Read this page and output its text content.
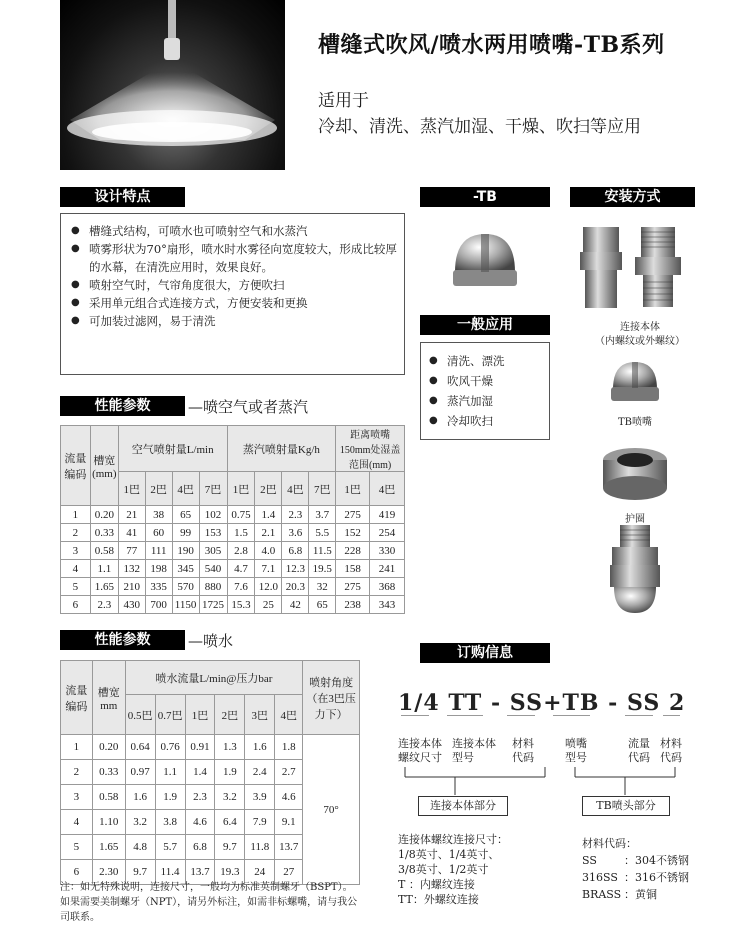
槽缝式吹风/喷水两用喷嘴-TB系列
适用于
冷却、清洗、蒸汽加湿、干燥、吹扫等应用
设计特点
● 槽缝式结构，可喷水也可喷射空气和水蒸汽
● 喷雾形状为70°扇形，喷水时水雾径向宽度较大，形成比较厚的水幕，在清洗应用时，效果良好。
● 喷射空气时，气帘角度很大，方便吹扫
● 采用单元组合式连接方式，方便安装和更换
● 可加装过滤网，易于清洗
-TB	安装方式
连接本体
（内螺纹或外螺纹）
TB喷嘴
护圈
一般应用
● 清洗、漂洗
● 吹风干燥
● 蒸汽加湿
● 冷却吹扫
性能参数	—喷空气或者蒸汽
流量编码	槽宽(mm)	空气喷射量L/min				蒸汽喷射量Kg/h				距离喷嘴150mm处湿盖范围(mm)	
		1巴	2巴	4巴	7巴	1巴	2巴	4巴	7巴	1巴	4巴
1	0.20	21	38	65	102	0.75	1.4	2.3	3.7	275	419
2	0.33	41	60	99	153	1.5	2.1	3.6	5.5	152	254
3	0.58	77	111	190	305	2.8	4.0	6.8	11.5	228	330
4	1.1	132	198	345	540	4.7	7.1	12.3	19.5	158	241
5	1.65	210	335	570	880	7.6	12.0	20.3	32	275	368
6	2.3	430	700	1150	1725	15.3	25	42	65	238	343
性能参数	—喷水
流量编码	槽宽mm	喷水流量L/min@压力bar						喷射角度（在3巴压力下）
		0.5巴	0.7巴	1巴	2巴	3巴	4巴	
1	0.20	0.64	0.76	0.91	1.3	1.6	1.8	70°
2	0.33	0.97	1.1	1.4	1.9	2.4	2.7	
3	0.58	1.6	1.9	2.3	3.2	3.9	4.6	
4	1.10	3.2	3.8	4.6	6.4	7.9	9.1	
5	1.65	4.8	5.7	6.8	9.7	11.8	13.7	
6	2.30	9.7	11.4	13.7	19.3	24	27	
注：如无特殊说明，连接尺寸，一般均为标准英制螺牙（BSPT）。如果需要美制螺牙（NPT），请另外标注，如需非标螺嘴，请与我公司联系。
订购信息
1/4 TT - SS+TB - SS 2
连接本体螺纹尺寸
连接本体型号
材料代码
喷嘴型号
流量代码
材料代码
连接本体部分	TB喷头部分
连接体螺纹连接尺寸：
1/8英寸、1/4英寸、
3/8英寸、1/2英寸
T ：内螺纹连接
TT：外螺纹连接
材料代码：
SS ：304不锈钢
316SS ：316不锈钢
BRASS ：黄铜
